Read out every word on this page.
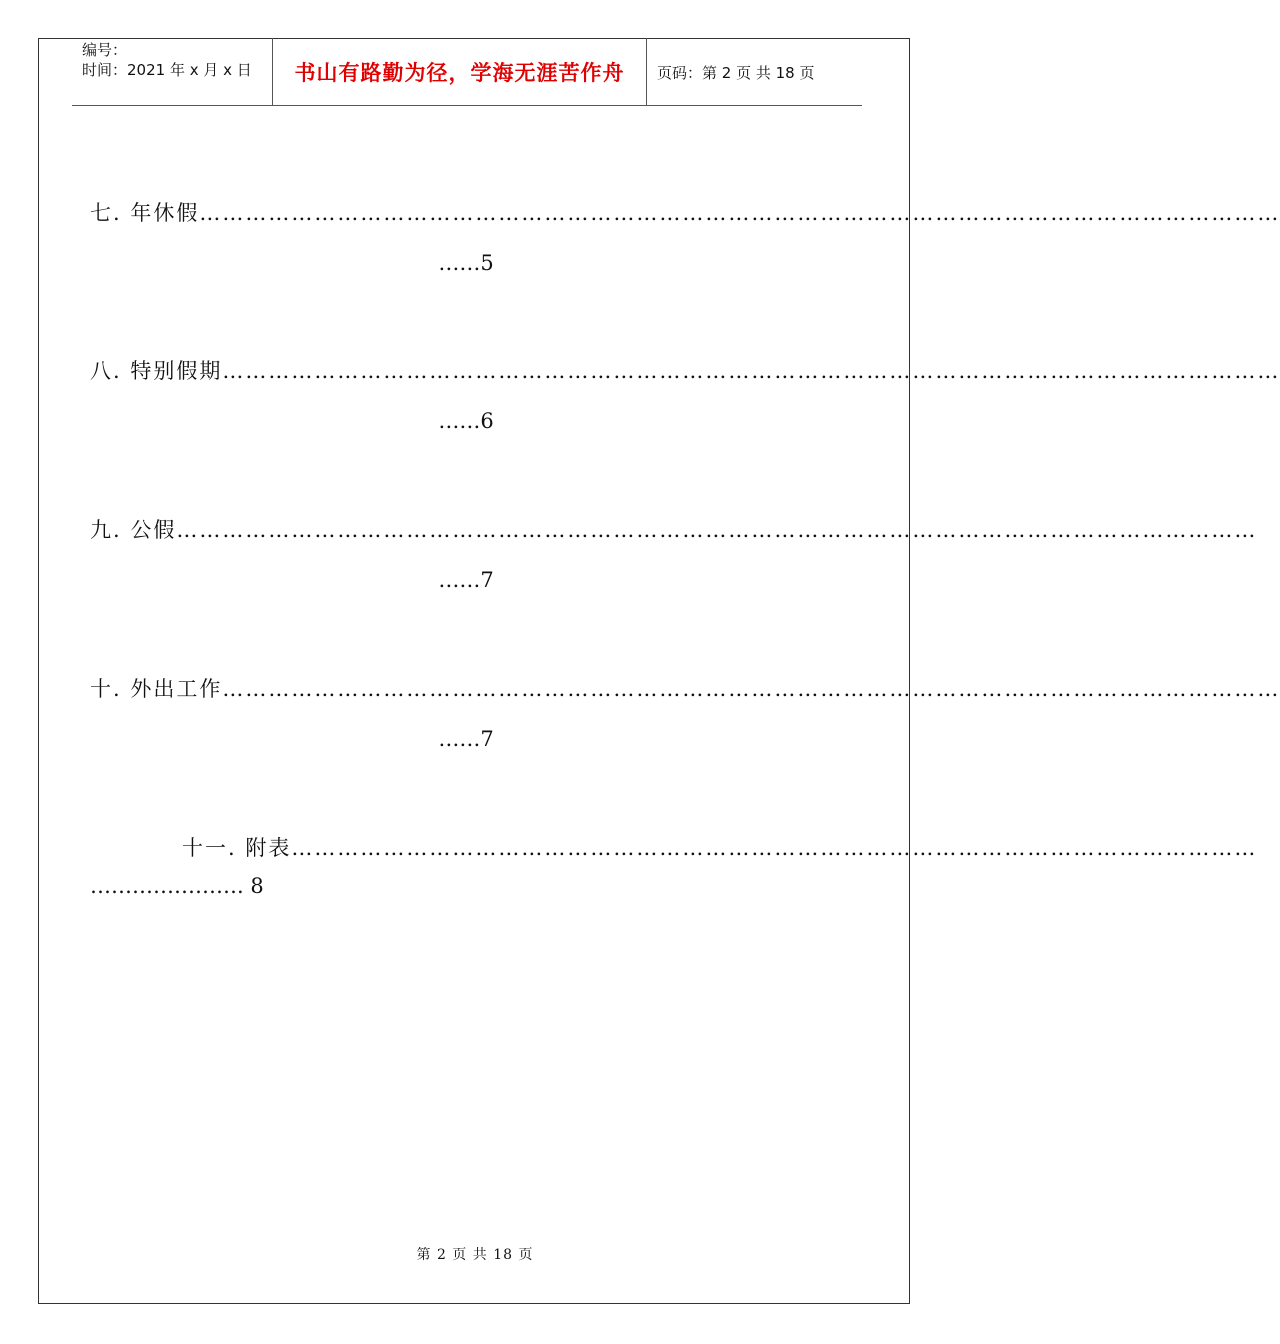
编号：
时间：2021 年 x 月 x 日	书山有路勤为径，学海无涯苦作舟	页码：第 2 页 共 18 页
七. 年休假……………………………………………………………………………………………………………………………
……5
八. 特别假期…………………………………………………………………………………………………………………………
……6
九. 公假……………………………………………………………………………………………………………………………
……7
十. 外出工作…………………………………………………………………………………………………………………………
……7
十一. 附表………………………………………………………………………………………………………………
…………………. 8
第 2 页 共 18 页
